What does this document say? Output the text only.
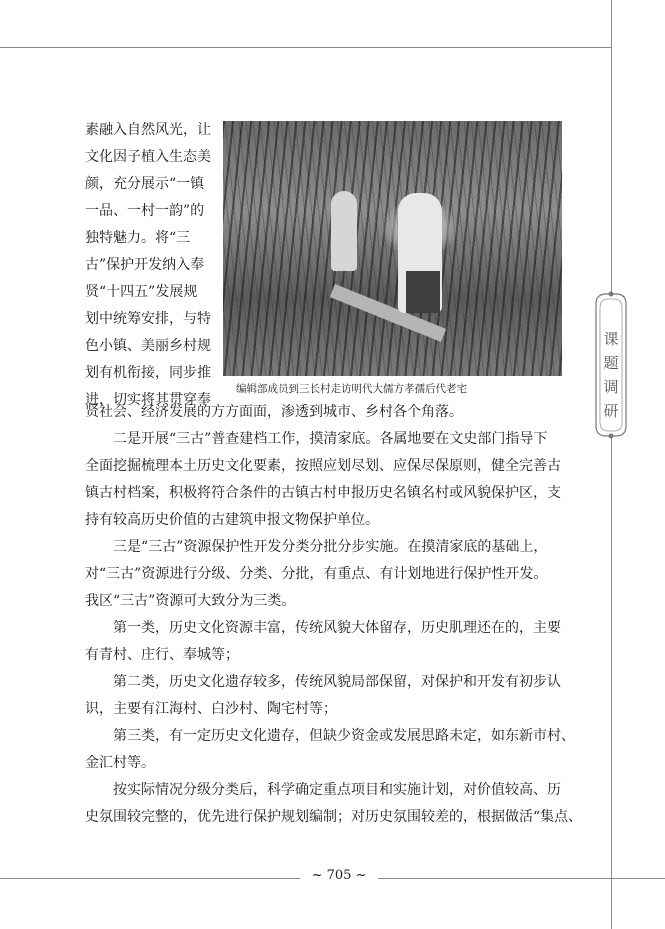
素融入自然风光，让
文化因子植入生态美
颜，充分展示“一镇
一品、一村一韵”的
独特魅力。将“三
古”保护开发纳入奉
贤“十四五”发展规
划中统筹安排，与特
色小镇、美丽乡村规
划有机衔接，同步推
进，切实将其贯穿奉
编辑部成员到三长村走访明代大儒方孝孺后代老宅
贤社会、经济发展的方方面面，渗透到城市、乡村各个角落。
二是开展“三古”普查建档工作，摸清家底。各属地要在文史部门指导下
全面挖掘梳理本土历史文化要素，按照应划尽划、应保尽保原则，健全完善古
镇古村档案，积极将符合条件的古镇古村申报历史名镇名村或风貌保护区，支
持有较高历史价值的古建筑申报文物保护单位。
三是“三古”资源保护性开发分类分批分步实施。在摸清家底的基础上，
对“三古”资源进行分级、分类、分批，有重点、有计划地进行保护性开发。
我区“三古”资源可大致分为三类。
第一类，历史文化资源丰富，传统风貌大体留存，历史肌理还在的，主要
有青村、庄行、奉城等；
第二类，历史文化遗存较多，传统风貌局部保留，对保护和开发有初步认
识，主要有江海村、白沙村、陶宅村等；
第三类，有一定历史文化遗存，但缺少资金或发展思路未定，如东新市村、
金汇村等。
按实际情况分级分类后，科学确定重点项目和实施计划，对价值较高、历
史氛围较完整的，优先进行保护规划编制；对历史氛围较差的，根据做活“集点、
课
题
调
研
~ 705 ~
